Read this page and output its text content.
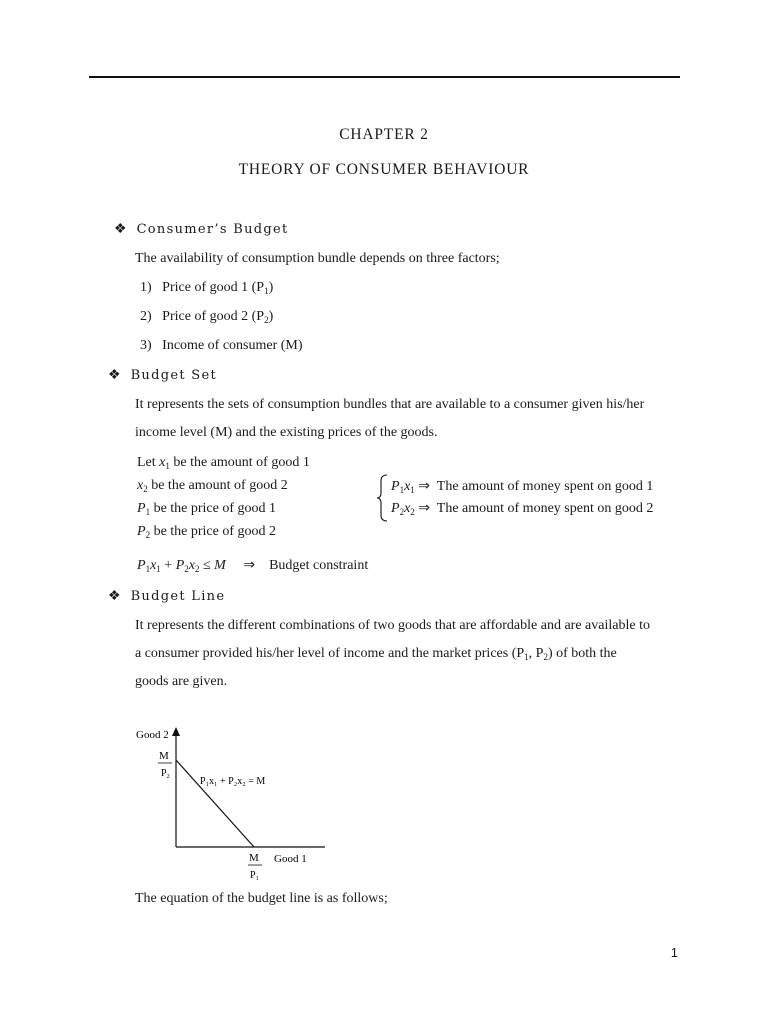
CHAPTER 2
THEORY OF CONSUMER BEHAVIOUR
❖ Consumer’s Budget
The availability of consumption bundle depends on three factors;
1) Price of good 1 $(P_1)$
2) Price of good 2 $(P_2)$
3) Income of consumer (M)
❖ Budget Set
It represents the sets of consumption bundles that are available to a consumer given his/her
income level (M) and the existing prices of the goods.
Let $x_1$ be the amount of good 1
$x_2$ be the amount of good 2
$P_1$ be the price of good 1
$P_2$ be the price of good 2
$P_1x_1$ ⇒  The amount of money spent on good 1
$P_2x_2$ ⇒  The amount of money spent on good 2
$P_1x_1 + P_2x_2 \le M$     ⇒    Budget constraint
❖ Budget Line
It represents the different combinations of two goods that are affordable and are available to
a consumer provided his/her level of income and the market prices ($P_1$, $P_2$) of both the
goods are given.
Good 2
M
$P_2$	P₁x₁ + P₂x₂ = M
M
$P_1$
Good 1
The equation of the budget line is as follows;
1
